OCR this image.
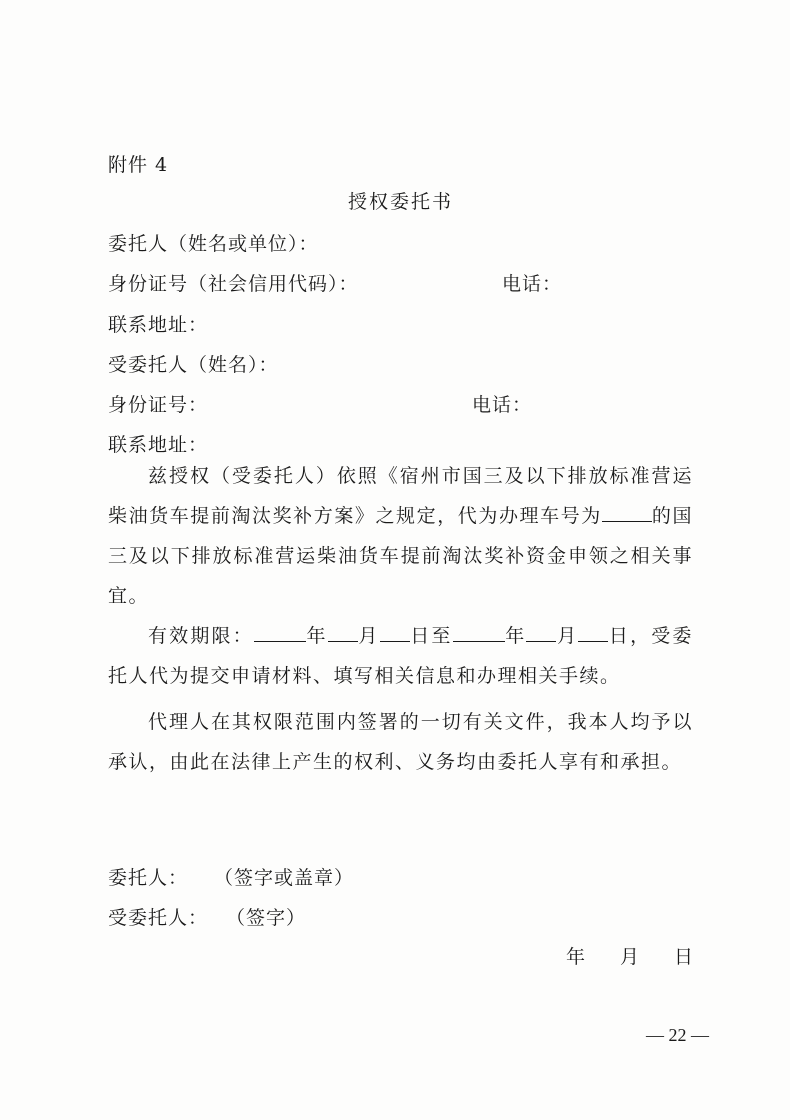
附件 4
授权委托书
委托人（姓名或单位）：
身份证号（社会信用代码）：	电话：
联系地址：
受委托人（姓名）：
身份证号：	电话：
联系地址：
兹授权（受委托人）依照《宿州市国三及以下排放标准营运柴油货车提前淘汰奖补方案》之规定，代为办理车号为	的国三及以下排放标准营运柴油货车提前淘汰奖补资金申领之相关事宜。
有效期限：	年 月 日至	年 月 日，受委托人代为提交申请材料、填写相关信息和办理相关手续。
代理人在其权限范围内签署的一切有关文件，我本人均予以承认，由此在法律上产生的权利、义务均由委托人享有和承担。
委托人： （签字或盖章）
受委托人： （签字）
年 月 日
— 22 —
